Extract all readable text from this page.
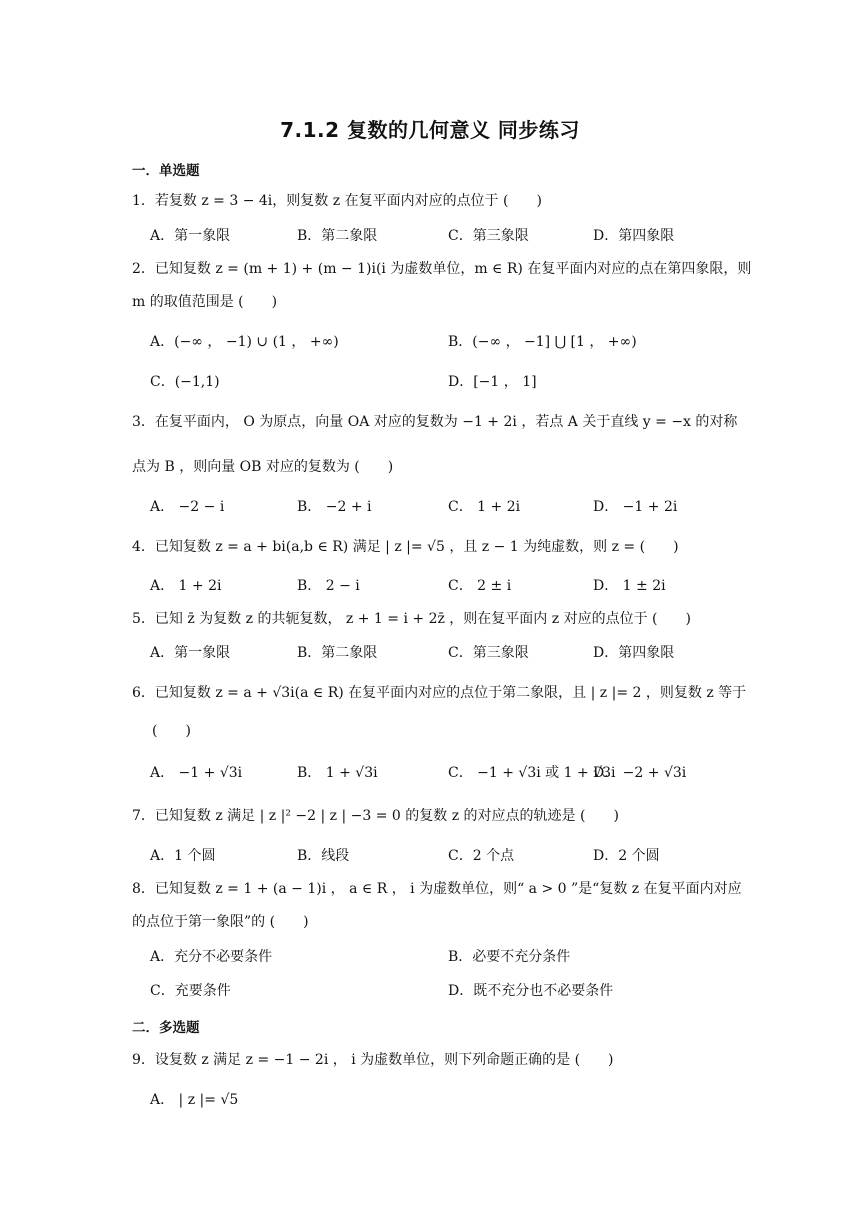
7.1.2 复数的几何意义 同步练习
一．单选题
1．若复数 z = 3 − 4i，则复数 z 在复平面内对应的点位于 (　　)
A．第一象限	B．第二象限	C．第三象限	D．第四象限
2．已知复数 z = (m + 1) + (m − 1)i(i 为虚数单位，m ∈ R) 在复平面内对应的点在第四象限，则
m 的取值范围是 (　　)
A．(−∞ ， −1) ∪ (1 ， +∞)	B．(−∞ ， −1] ⋃ [1 ， +∞)
C．(−1,1)	D．[−1 ， 1]
3．在复平面内， O 为原点，向量 OA 对应的复数为 −1 + 2i ，若点 A 关于直线 y = −x 的对称
点为 B ，则向量 OB 对应的复数为 (　　)
A． −2 − i	B． −2 + i	C． 1 + 2i	D． −1 + 2i
4．已知复数 z = a + bi(a,b ∈ R) 满足 | z |= √5 ，且 z − 1 为纯虚数，则 z = (　　)
A． 1 + 2i	B． 2 − i	C． 2 ± i	D． 1 ± 2i
5．已知 z̄ 为复数 z 的共轭复数， z + 1 = i + 2z̄ ，则在复平面内 z 对应的点位于 (　　)
A．第一象限	B．第二象限	C．第三象限	D．第四象限
6．已知复数 z = a + √3i(a ∈ R) 在复平面内对应的点位于第二象限，且 | z |= 2 ，则复数 z 等于
(　　)
A． −1 + √3i	B． 1 + √3i	C． −1 + √3i 或 1 + √3i
D． −2 + √3i
7．已知复数 z 满足 | z |² −2 | z | −3 = 0 的复数 z 的对应点的轨迹是 (　　)
A．1 个圆	B．线段	C．2 个点	D．2 个圆
8．已知复数 z = 1 + (a − 1)i ， a ∈ R ， i 为虚数单位，则“ a > 0 ”是“复数 z 在复平面内对应
的点位于第一象限”的 (　　)
A．充分不必要条件	B．必要不充分条件
C．充要条件	D．既不充分也不必要条件
二．多选题
9．设复数 z 满足 z = −1 − 2i ， i 为虚数单位，则下列命题正确的是 (　　)
A． | z |= √5
